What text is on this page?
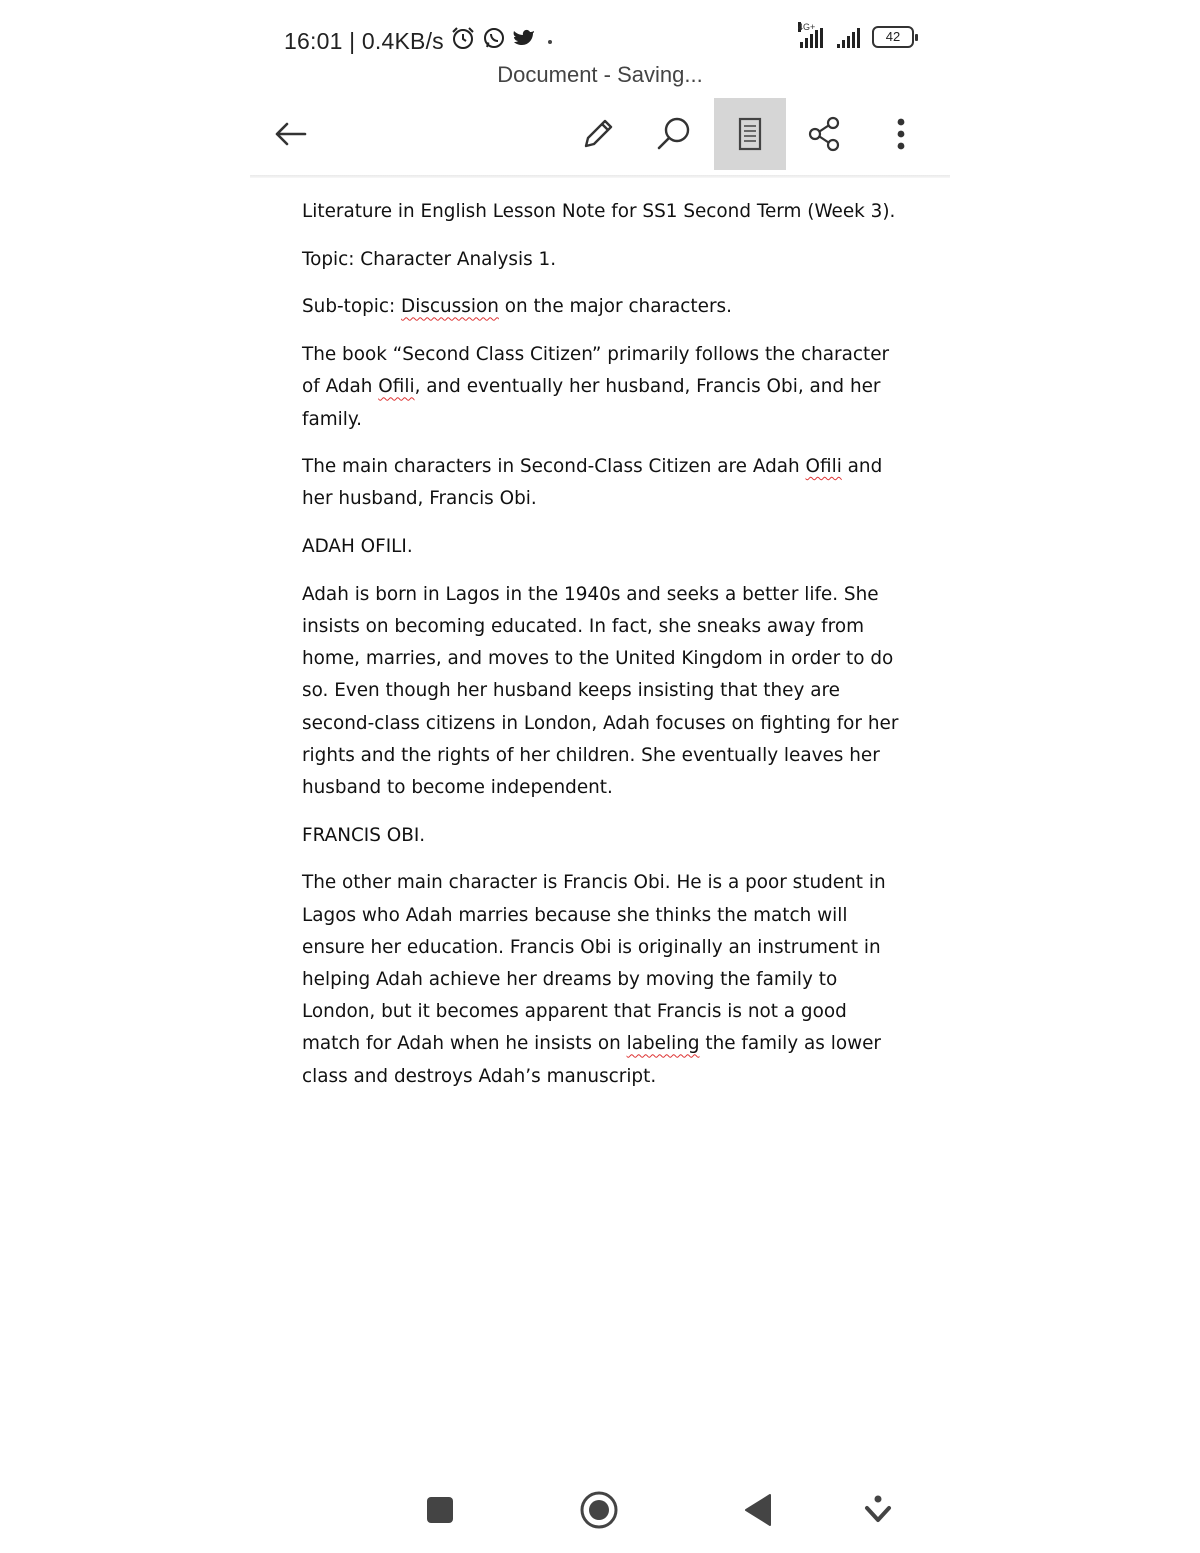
16:01 | 0.4KB/s
4G+
42
Document - Saving...

Literature in English Lesson Note for SS1 Second Term (Week 3).

Topic: Character Analysis 1.

Sub-topic: Discussion on the major characters.

The book “Second Class Citizen” primarily follows the character of Adah Ofili, and eventually her husband, Francis Obi, and her family.

The main characters in Second-Class Citizen are Adah Ofili and her husband, Francis Obi.

ADAH OFILI.

Adah is born in Lagos in the 1940s and seeks a better life. She insists on becoming educated. In fact, she sneaks away from home, marries, and moves to the United Kingdom in order to do so. Even though her husband keeps insisting that they are second-class citizens in London, Adah focuses on fighting for her rights and the rights of her children. She eventually leaves her husband to become independent.

FRANCIS OBI.

The other main character is Francis Obi. He is a poor student in Lagos who Adah marries because she thinks the match will ensure her education. Francis Obi is originally an instrument in helping Adah achieve her dreams by moving the family to London, but it becomes apparent that Francis is not a good match for Adah when he insists on labeling the family as lower class and destroys Adah’s manuscript.
